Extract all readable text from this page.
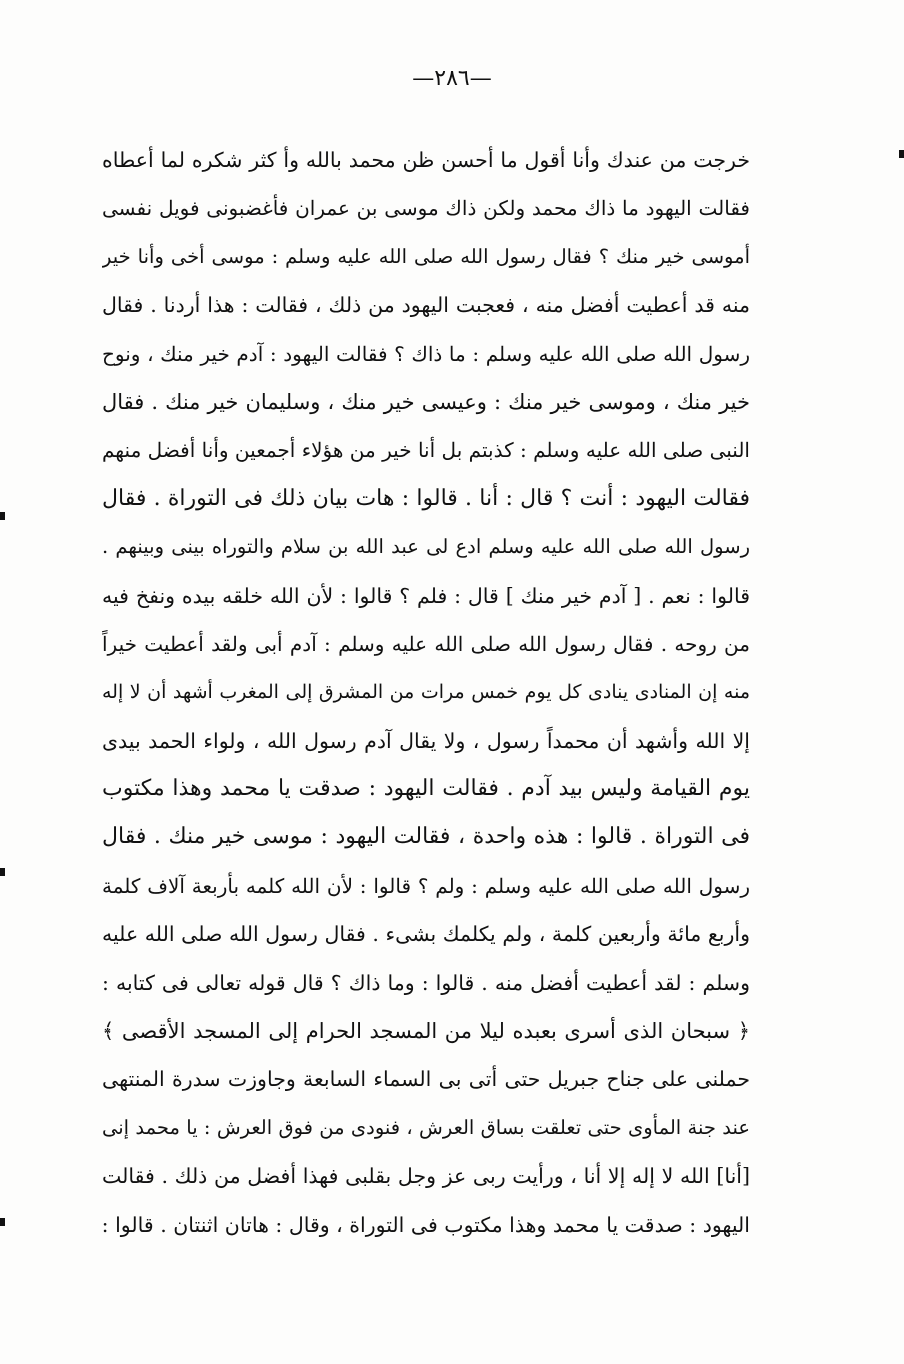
—٢٨٦—
خرجت من عندك وأنا أقول ما أحسن ظن محمد بالله وأ كثر شكره لما أعطاه
فقالت اليهود ما ذاك محمد ولكن ذاك موسى بن عمران فأغضبونى فويل نفسى
أموسى خير منك ؟ فقال رسول الله صلى الله عليه وسلم : موسى أخى وأنا خير
منه قد أعطيت أفضل منه ، فعجبت اليهود من ذلك ، فقالت : هذا أردنا . فقال
رسول الله صلى الله عليه وسلم : ما ذاك ؟ فقالت اليهود : آدم خير منك ، ونوح
خير منك ، وموسى خير منك : وعيسى خير منك ، وسليمان خير منك . فقال
النبى صلى الله عليه وسلم : كذبتم بل أنا خير من هؤلاء أجمعين وأنا أفضل منهم
فقالت اليهود : أنت ؟ قال : أنا . قالوا : هات بيان ذلك فى التوراة . فقال
رسول الله صلى الله عليه وسلم ادع لى عبد الله بن سلام والتوراه بينى وبينهم .
قالوا : نعم . [ آدم خير منك ] قال : فلم ؟ قالوا : لأن الله خلقه بيده ونفخ فيه
من روحه . فقال رسول الله صلى الله عليه وسلم : آدم أبى ولقد أعطيت خيراً
منه إن المنادى ينادى كل يوم خمس مرات من المشرق إلى المغرب أشهد أن لا إله
إلا الله وأشهد أن محمداً رسول ، ولا يقال آدم رسول الله ، ولواء الحمد بيدى
يوم القيامة وليس بيد آدم . فقالت اليهود : صدقت يا محمد وهذا مكتوب
فى التوراة . قالوا : هذه واحدة ، فقالت اليهود : موسى خير منك . فقال
رسول الله صلى الله عليه وسلم : ولم ؟ قالوا : لأن الله كلمه بأربعة آلاف كلمة
وأربع مائة وأربعين كلمة ، ولم يكلمك بشىء . فقال رسول الله صلى الله عليه
وسلم : لقد أعطيت أفضل منه . قالوا : وما ذاك ؟ قال قوله تعالى فى كتابه :
﴿ سبحان الذى أسرى بعبده ليلا من المسجد الحرام إلى المسجد الأقصى ﴾
حملنى على جناح جبريل حتى أتى بى السماء السابعة وجاوزت سدرة المنتهى
عند جنة المأوى حتى تعلقت بساق العرش ، فنودى من فوق العرش : يا محمد إنى
[أنا] الله لا إله إلا أنا ، ورأيت ربى عز وجل بقلبى فهذا أفضل من ذلك . فقالت
اليهود : صدقت يا محمد وهذا مكتوب فى التوراة ، وقال : هاتان اثنتان . قالوا :
